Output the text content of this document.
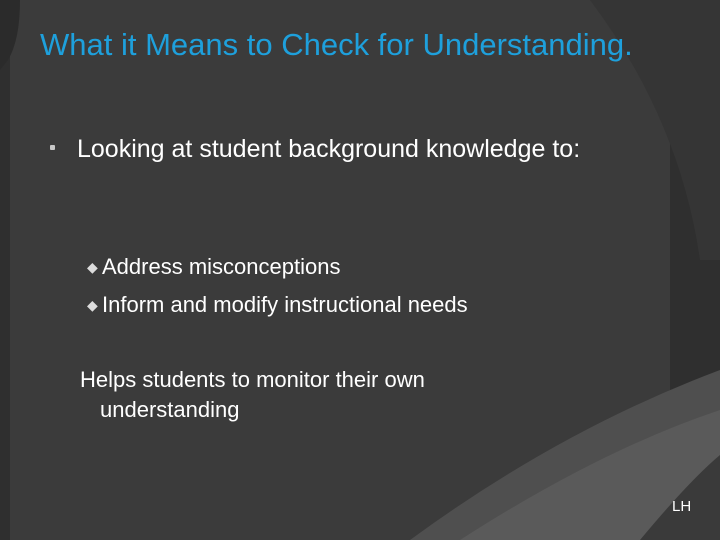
What it Means to Check for Understanding.
Looking at student background knowledge to:
◆ Address misconceptions
◆ Inform and modify instructional needs
Helps students to monitor their own
understanding
LH
